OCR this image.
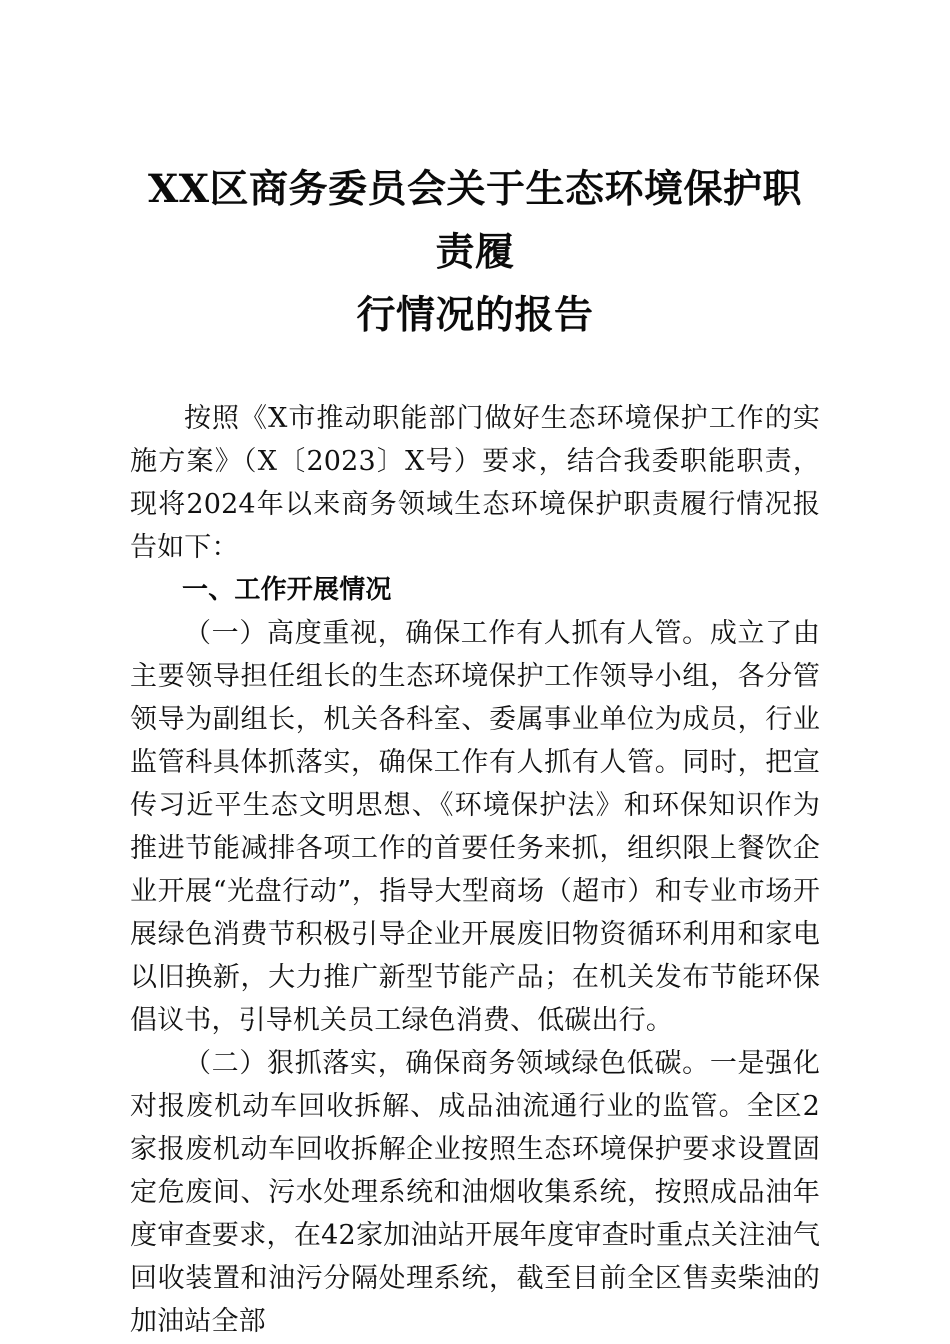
XX区商务委员会关于生态环境保护职责履
行情况的报告

按照《X市推动职能部门做好生态环境保护工作的实施方案》（X〔2023〕X号）要求，结合我委职能职责，现将2024年以来商务领域生态环境保护职责履行情况报告如下：

一、工作开展情况

（一）高度重视，确保工作有人抓有人管。成立了由主要领导担任组长的生态环境保护工作领导小组，各分管领导为副组长，机关各科室、委属事业单位为成员，行业监管科具体抓落实，确保工作有人抓有人管。同时，把宣传习近平生态文明思想、《环境保护法》和环保知识作为推进节能减排各项工作的首要任务来抓，组织限上餐饮企业开展“光盘行动”，指导大型商场（超市）和专业市场开展绿色消费节积极引导企业开展废旧物资循环利用和家电以旧换新，大力推广新型节能产品；在机关发布节能环保倡议书，引导机关员工绿色消费、低碳出行。

（二）狠抓落实，确保商务领域绿色低碳。一是强化对报废机动车回收拆解、成品油流通行业的监管。全区2家报废机动车回收拆解企业按照生态环境保护要求设置固定危废间、污水处理系统和油烟收集系统，按照成品油年度审查要求，在42家加油站开展年度审查时重点关注油气回收装置和油污分隔处理系统，截至目前全区售卖柴油的加油站全部
